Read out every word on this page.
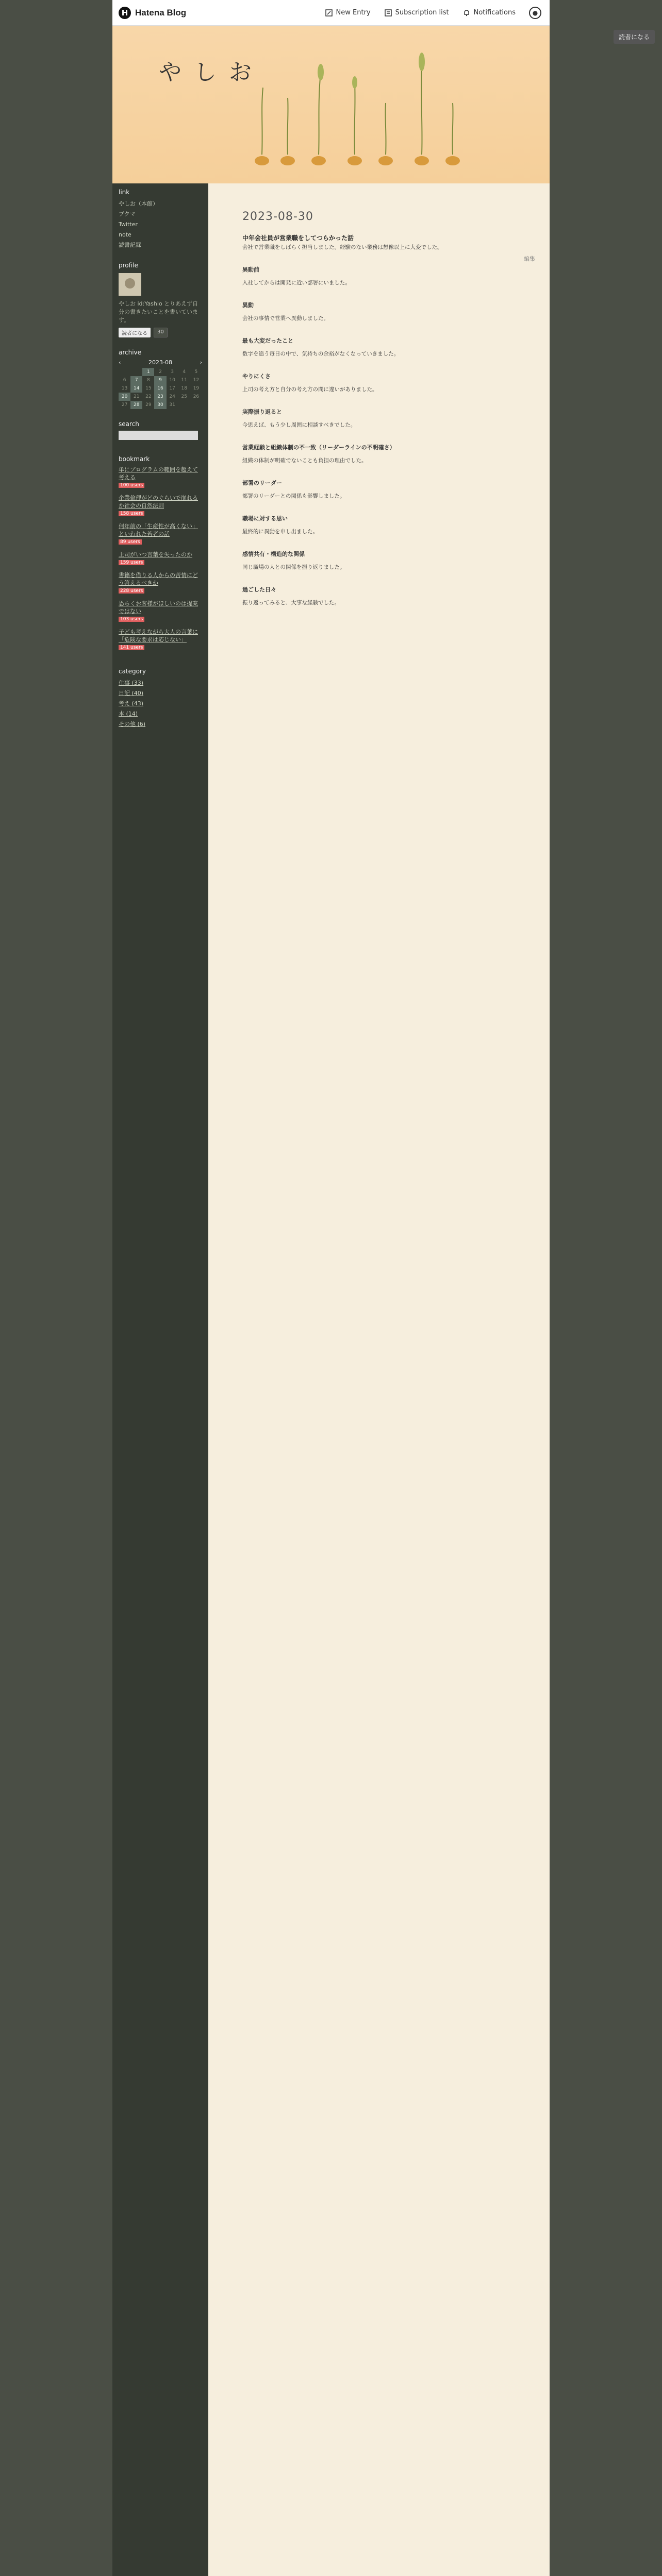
H Hatena Blog	New Entry	Subscription list	Notifications	●
読者になる
やしお
link
やしお（本館）
ブクマ
Twitter
note
読書記録
profile
やしお id:Yashio とりあえず自分の書きたいことを書いています。
読者になる	30
archive
‹	2023-08	›
		1	2	3	4	5
6	7	8	9	10	11	12
13	14	15	16	17	18	19
20	21	22	23	24	25	26
27	28	29	30	31		
search
bookmark
単にプログラムの範囲を超えて考える
100 users
企業倫理がどのぐらいで崩れるか社会の自然法則
158 users
何年前の「生産性が高くない」といわれた若者の話
89 users
上司がいつ言葉を失ったのか
159 users
書籍を借りる人からの苦情にどう答えるべきか
228 users
恐らくお客様がほしいのは提案ではない
103 users
子ども考えながら大人の言葉に「危険な要求は応じない」
141 users
category
仕事 (33)
日記 (40)
考え (43)
本 (14)
その他 (6)
2023-08-30
中年会社員が営業職をしてつらかった話
編集

会社で営業職をしばらく担当しました。経験のない業務は想像以上に大変でした。

異動前

入社してからは開発に近い部署にいました。

異動

会社の事情で営業へ異動しました。

最も大変だったこと

数字を追う毎日の中で、気持ちの余裕がなくなっていきました。

やりにくさ

上司の考え方と自分の考え方の間に違いがありました。

実際振り返ると

今思えば、もう少し周囲に相談すべきでした。

営業経験と組織体制の不一致（リーダーラインの不明確さ）

組織の体制が明確でないことも負担の理由でした。

部署のリーダー

部署のリーダーとの関係も影響しました。

職場に対する思い

最終的に異動を申し出ました。

感情共有・構造的な関係

同じ職場の人との関係を振り返りました。

過ごした日々

振り返ってみると、大事な経験でした。
